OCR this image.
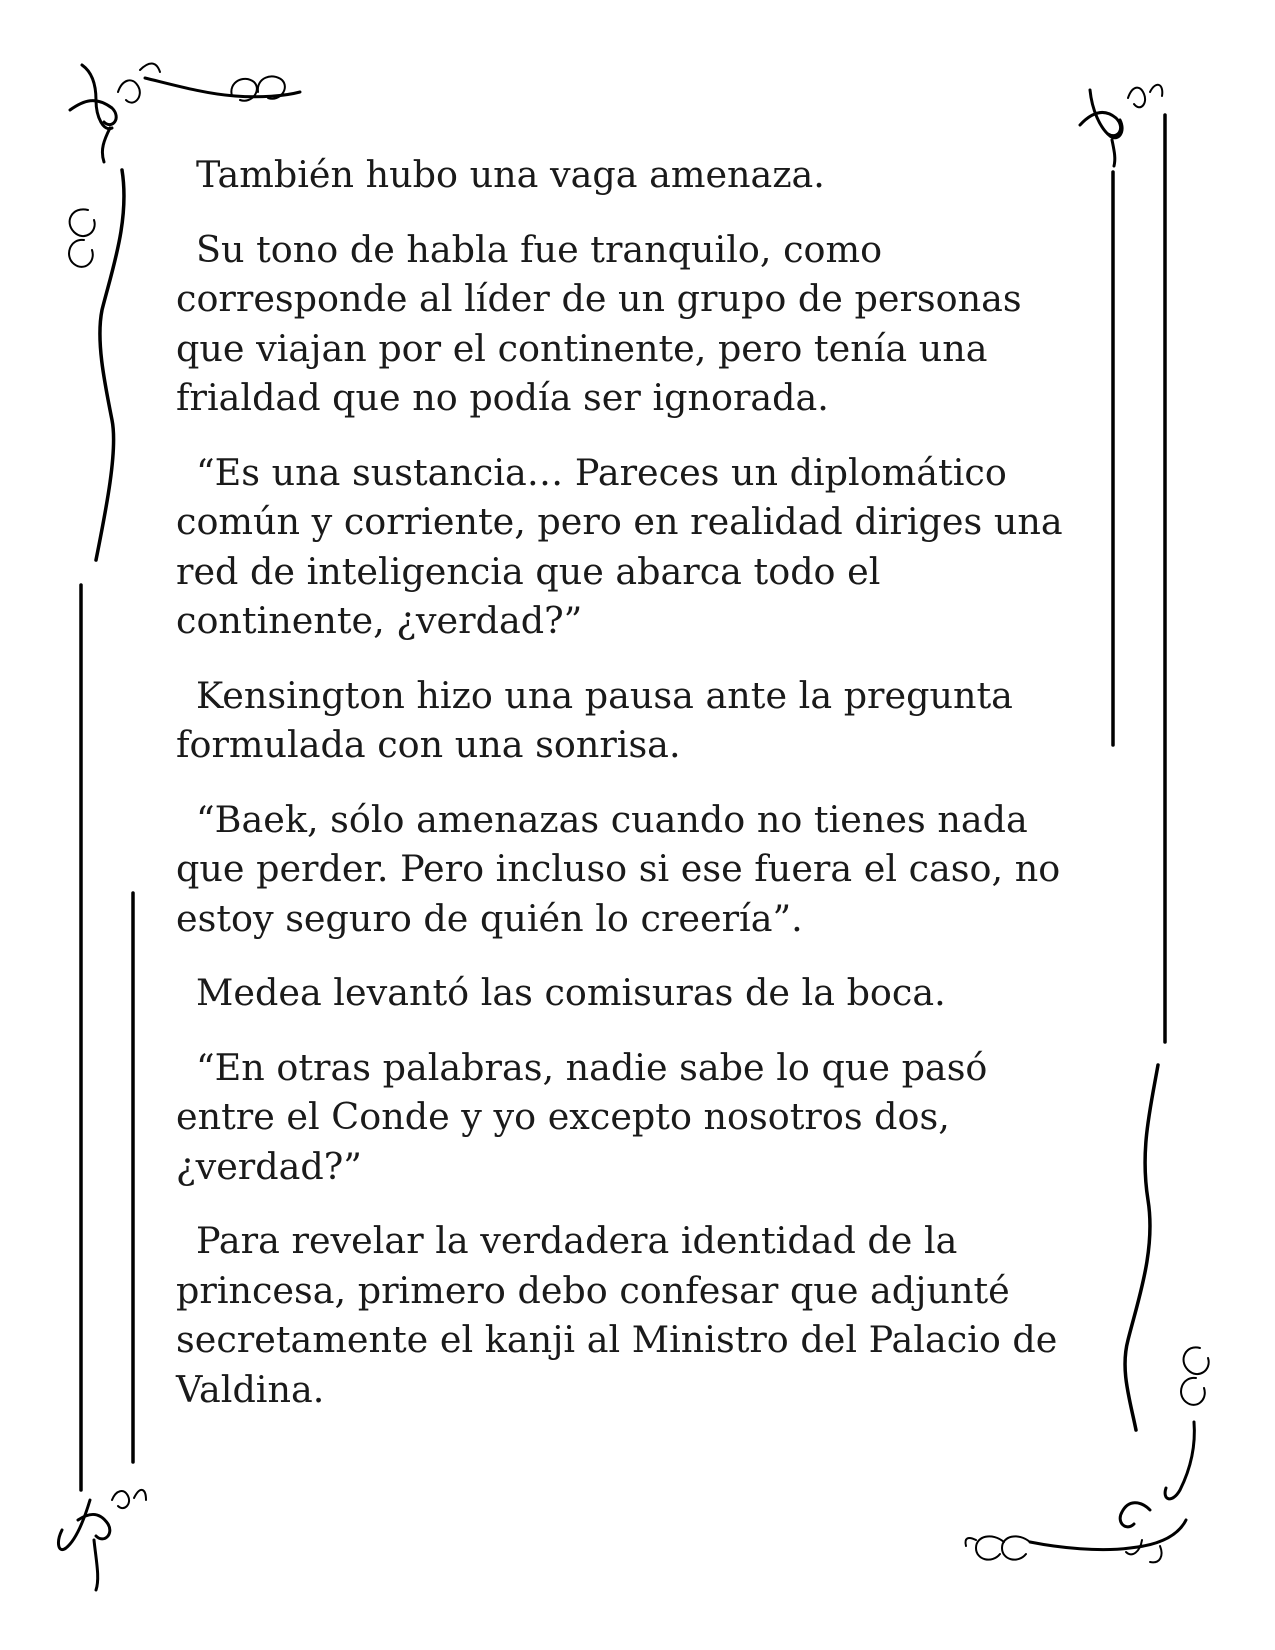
También hubo una vaga amenaza.

Su tono de habla fue tranquilo, como corresponde al líder de un grupo de personas que viajan por el continente, pero tenía una frialdad que no podía ser ignorada.

“Es una sustancia… Pareces un diplomático común y corriente, pero en realidad diriges una red de inteligencia que abarca todo el continente, ¿verdad?”

Kensington hizo una pausa ante la pregunta formulada con una sonrisa.

“Baek, sólo amenazas cuando no tienes nada que perder. Pero incluso si ese fuera el caso, no estoy seguro de quién lo creería”.

Medea levantó las comisuras de la boca.

“En otras palabras, nadie sabe lo que pasó entre el Conde y yo excepto nosotros dos, ¿verdad?”

Para revelar la verdadera identidad de la princesa, primero debo confesar que adjunté secretamente el kanji al Ministro del Palacio de Valdina.
